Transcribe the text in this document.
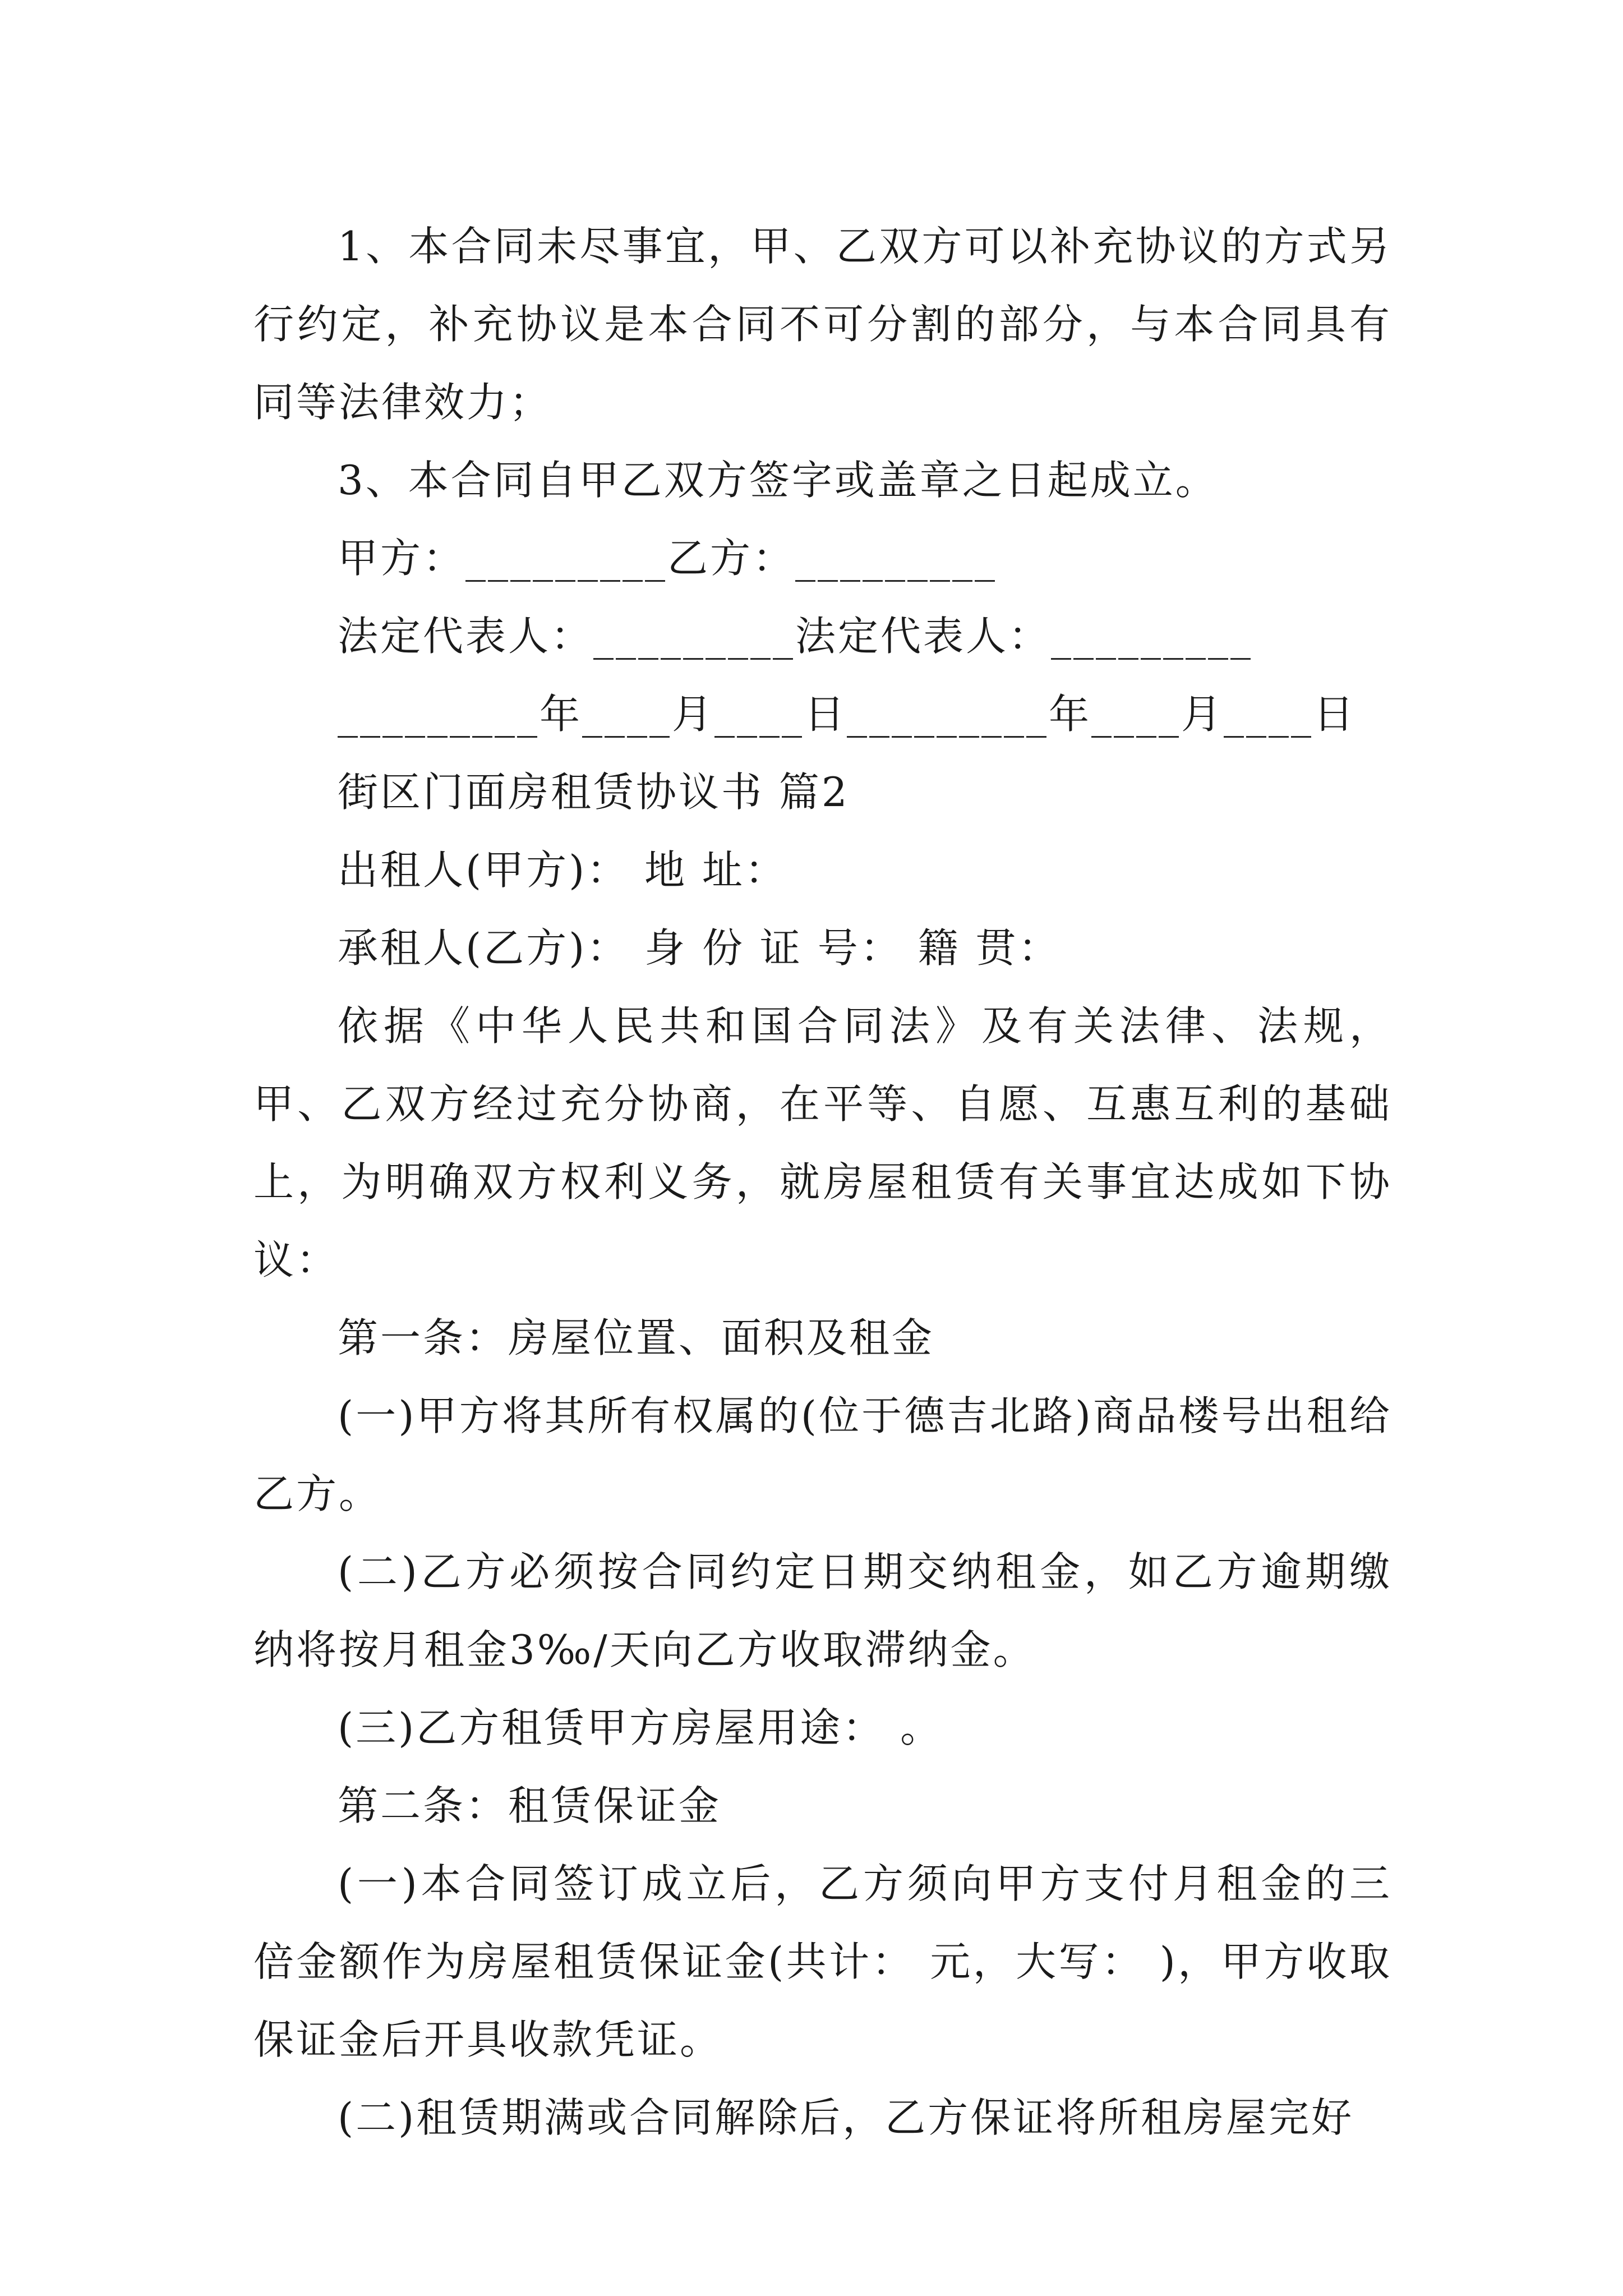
1、本合同未尽事宜，甲、乙双方可以补充协议的方式另行约定，补充协议是本合同不可分割的部分，与本合同具有同等法律效力；

3、本合同自甲乙双方签字或盖章之日起成立。

甲方：_________乙方：_________

法定代表人：_________法定代表人：_________

_________年____月____日_________年____月____日

街区门面房租赁协议书 篇2

出租人(甲方)： 地 址：

承租人(乙方)： 身 份 证 号： 籍 贯：

依据《中华人民共和国合同法》及有关法律、法规，甲、乙双方经过充分协商，在平等、自愿、互惠互利的基础上，为明确双方权利义务，就房屋租赁有关事宜达成如下协议：

第一条：房屋位置、面积及租金

(一)甲方将其所有权属的(位于德吉北路)商品楼号出租给乙方。

(二)乙方必须按合同约定日期交纳租金，如乙方逾期缴纳将按月租金3‰/天向乙方收取滞纳金。

(三)乙方租赁甲方房屋用途： 。

第二条：租赁保证金

(一)本合同签订成立后，乙方须向甲方支付月租金的三倍金额作为房屋租赁保证金(共计： 元，大写： )，甲方收取保证金后开具收款凭证。

(二)租赁期满或合同解除后，乙方保证将所租房屋完好
